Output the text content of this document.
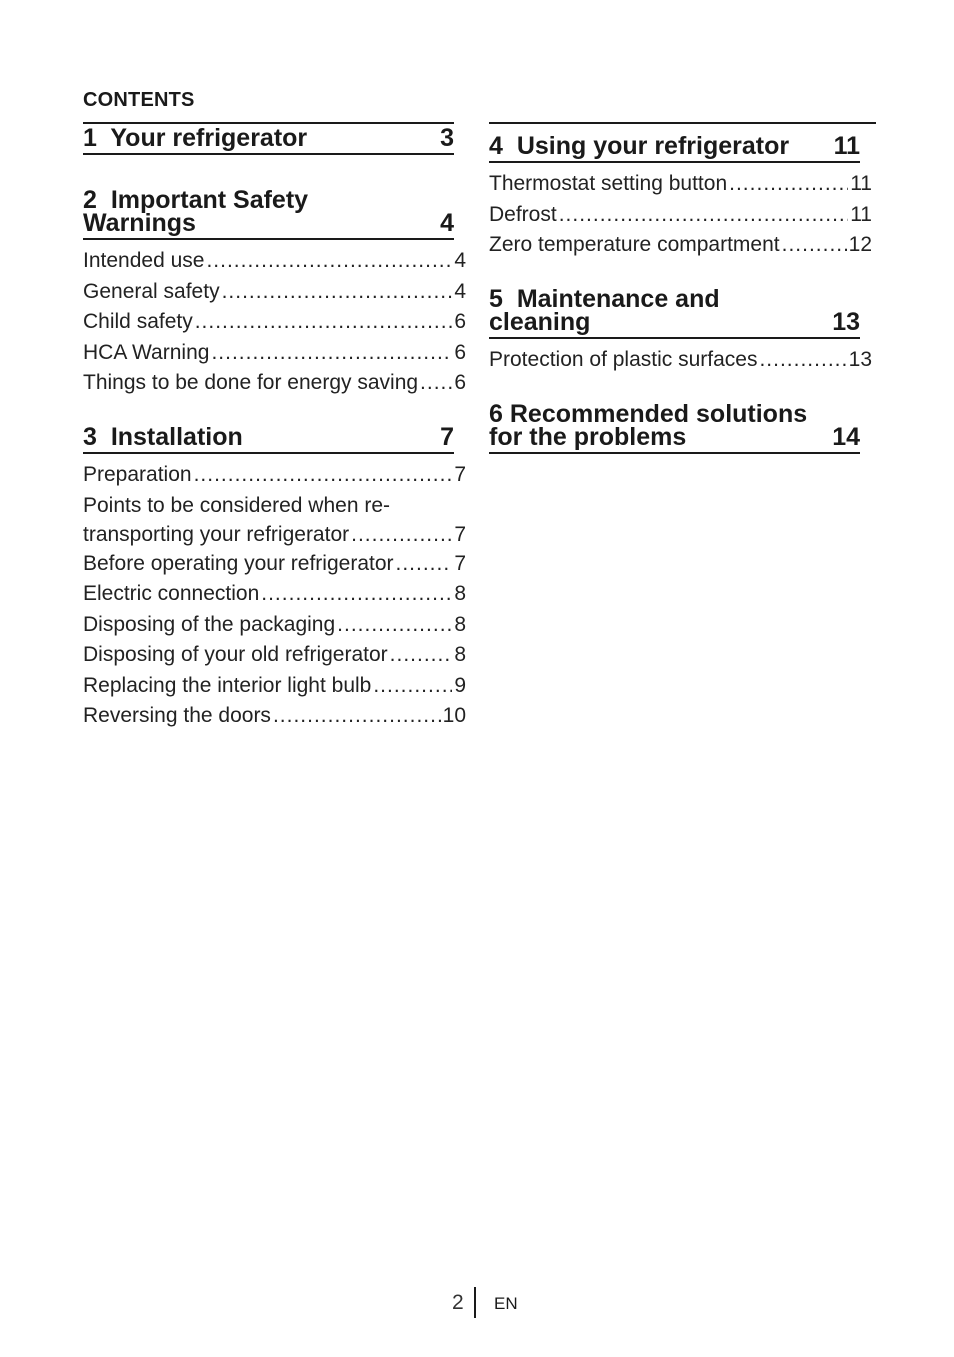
CONTENTS
1 Your refrigerator	3
2 Important Safety
Warnings	4
Intended use .....	4
General safety .....	4
Child safety .....	6
HCA Warning .....	6
Things to be done for energy saving ..... 6
3 Installation	7
Preparation .....	7
Points to be considered when re-
transporting your refrigerator .....	7
Before operating your refrigerator .....	7
Electric connection .....	8
Disposing of the packaging .....	8
Disposing of your old refrigerator .....	8
Replacing the interior light bulb .....	9
Reversing the doors .....	10
4 Using your refrigerator	11
Thermostat setting button .....	11
Defrost .....	11
Zero temperature compartment .....	12
5 Maintenance and
cleaning	13
Protection of plastic surfaces .....	13
6 Recommended solutions
for the problems	14
2 EN
